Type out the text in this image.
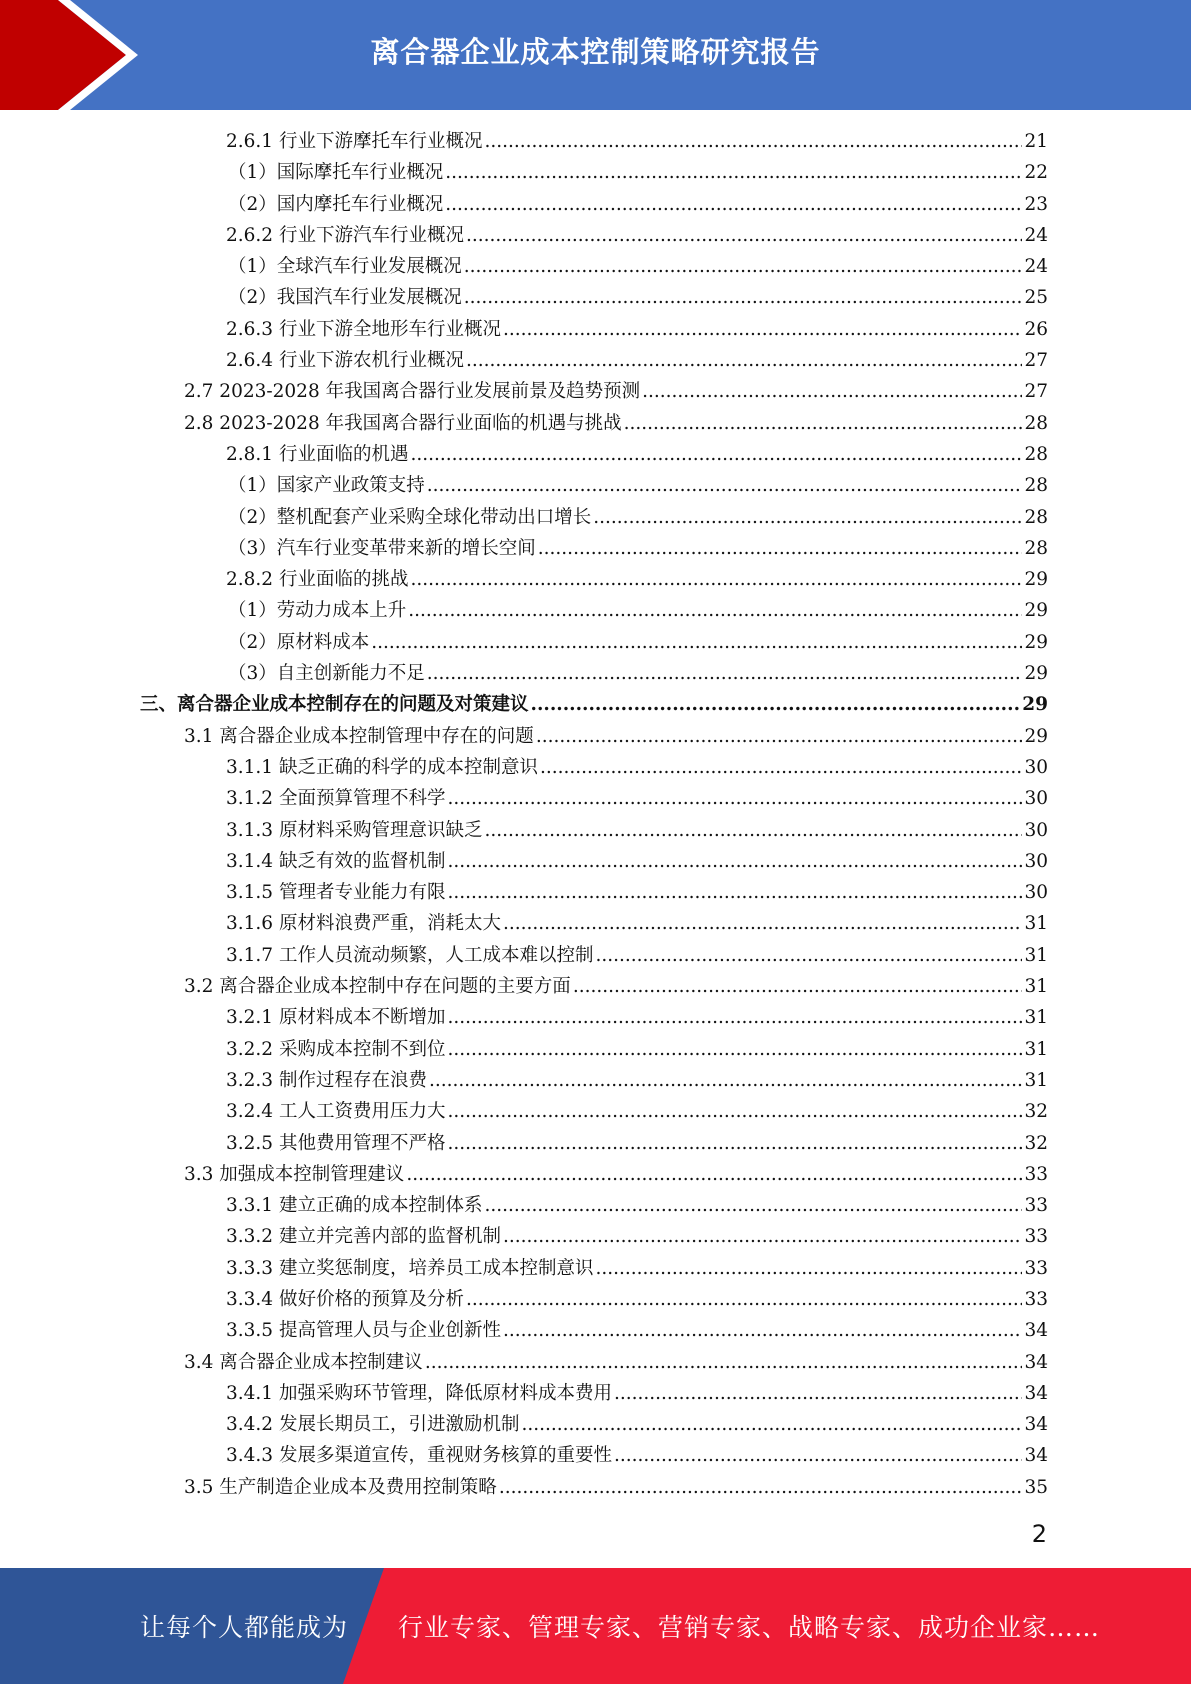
离合器企业成本控制策略研究报告
2.6.1 行业下游摩托车行业概况 .....	21
（1）国际摩托车行业概况 .....	22
（2）国内摩托车行业概况 .....	23
2.6.2 行业下游汽车行业概况 .....	24
（1）全球汽车行业发展概况 .....	24
（2）我国汽车行业发展概况 .....	25
2.6.3 行业下游全地形车行业概况 .....	26
2.6.4 行业下游农机行业概况 .....	27
2.7 2023-2028 年我国离合器行业发展前景及趋势预测 .....	27
2.8 2023-2028 年我国离合器行业面临的机遇与挑战 .....	28
2.8.1 行业面临的机遇 .....	28
（1）国家产业政策支持 .....	28
（2）整机配套产业采购全球化带动出口增长 .....	28
（3）汽车行业变革带来新的增长空间 .....	28
2.8.2 行业面临的挑战 .....	29
（1）劳动力成本上升 .....	29
（2）原材料成本 .....	29
（3）自主创新能力不足 .....	29
三、离合器企业成本控制存在的问题及对策建议 .....	29
3.1 离合器企业成本控制管理中存在的问题 .....	29
3.1.1 缺乏正确的科学的成本控制意识 .....	30
3.1.2 全面预算管理不科学 .....	30
3.1.3 原材料采购管理意识缺乏 .....	30
3.1.4 缺乏有效的监督机制 .....	30
3.1.5 管理者专业能力有限 .....	30
3.1.6 原材料浪费严重，消耗太大 .....	31
3.1.7 工作人员流动频繁，人工成本难以控制 .....	31
3.2 离合器企业成本控制中存在问题的主要方面 .....	31
3.2.1 原材料成本不断增加 .....	31
3.2.2 采购成本控制不到位 .....	31
3.2.3 制作过程存在浪费 .....	31
3.2.4 工人工资费用压力大 .....	32
3.2.5 其他费用管理不严格 .....	32
3.3 加强成本控制管理建议 .....	33
3.3.1 建立正确的成本控制体系 .....	33
3.3.2 建立并完善内部的监督机制 .....	33
3.3.3 建立奖惩制度，培养员工成本控制意识 .....	33
3.3.4 做好价格的预算及分析 .....	33
3.3.5 提高管理人员与企业创新性 .....	34
3.4 离合器企业成本控制建议 .....	34
3.4.1 加强采购环节管理，降低原材料成本费用 .....	34
3.4.2 发展长期员工，引进激励机制 .....	34
3.4.3 发展多渠道宣传，重视财务核算的重要性 .....	34
3.5 生产制造企业成本及费用控制策略 .....	35
2
让每个人都能成为 行业专家、管理专家、营销专家、战略专家、成功企业家……
